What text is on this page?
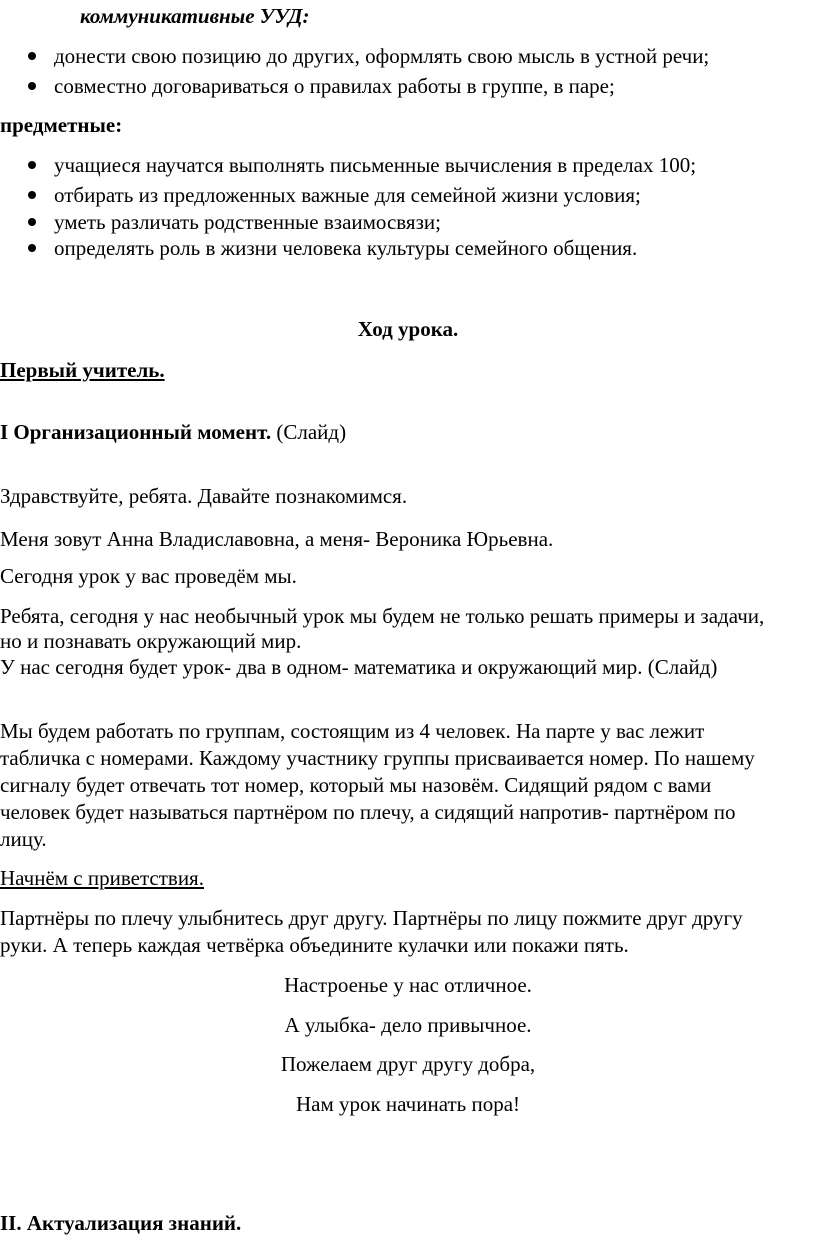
коммуникативные УУД:
донести свою позицию до других, оформлять свою мысль в устной речи;
совместно договариваться о правилах работы в группе, в паре;
предметные:
учащиеся научатся выполнять письменные вычисления в пределах 100;
отбирать из предложенных важные для семейной жизни условия;
уметь различать родственные взаимосвязи;
определять роль в жизни человека культуры семейного общения.
Ход урока.
Первый учитель.
I Организационный момент. (Слайд)
Здравствуйте, ребята. Давайте познакомимся.
Меня зовут Анна Владиславовна, а меня- Вероника Юрьевна.
Сегодня урок у вас проведём мы.
Ребята, сегодня у нас необычный урок мы будем не только решать примеры и задачи,
но и познавать окружающий мир.
У нас сегодня будет урок- два в одном- математика и окружающий мир. (Слайд)
Мы будем работать по группам, состоящим из 4 человек. На парте у вас лежит
табличка с номерами. Каждому участнику группы присваивается номер. По нашему
сигналу будет отвечать тот номер, который мы назовём. Сидящий рядом с вами
человек будет называться партнёром по плечу, а сидящий напротив- партнёром по
лицу.
Начнём с приветствия.
Партнёры по плечу улыбнитесь друг другу. Партнёры по лицу пожмите друг другу
руки. А теперь каждая четвёрка объедините кулачки или покажи пять.
Настроенье у нас отличное.
А улыбка- дело привычное.
Пожелаем друг другу добра,
Нам урок начинать пора!
II. Актуализация знаний.
